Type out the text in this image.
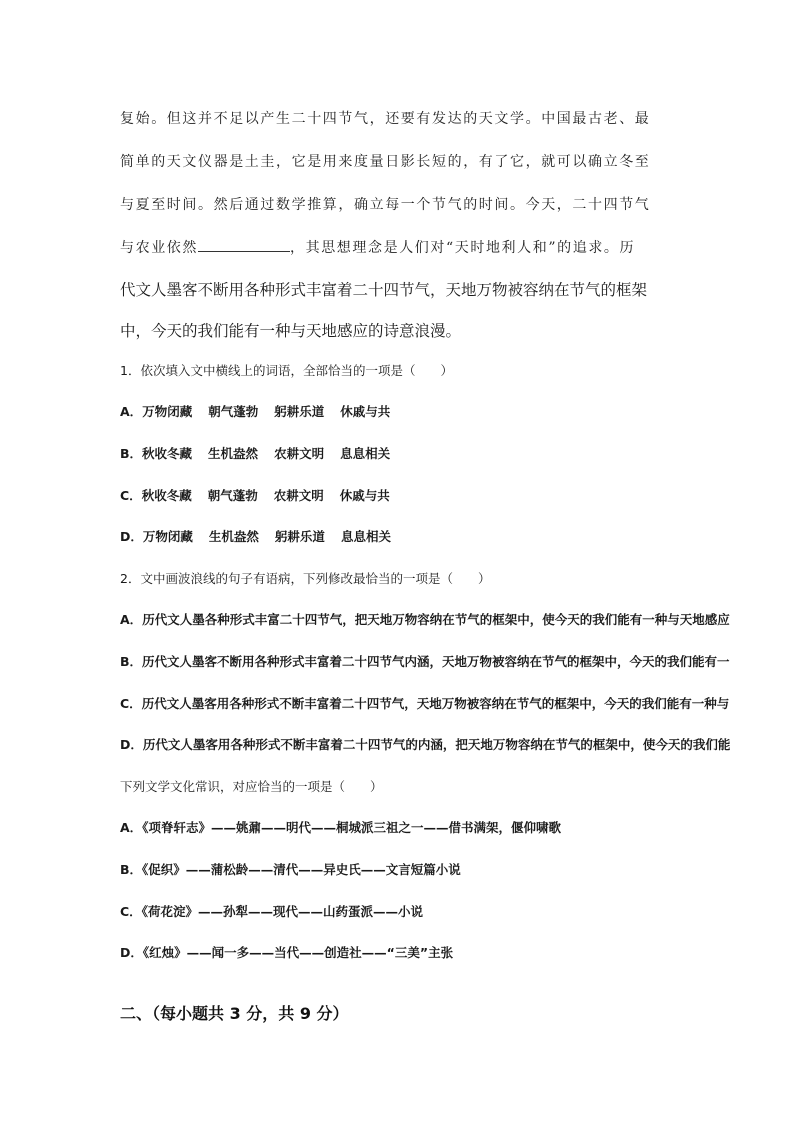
复始。但这并不足以产生二十四节气，还要有发达的天文学。中国最古老、最
简单的天文仪器是土圭，它是用来度量日影长短的，有了它，就可以确立冬至
与夏至时间。然后通过数学推算，确立每一个节气的时间。今天，二十四节气
与农业依然	，其思想理念是人们对“天时地利人和”的追求。历
代文人墨客不断用各种形式丰富着二十四节气，天地万物被容纳在节气的框架
中，今天的我们能有一种与天地感应的诗意浪漫。
1．依次填入文中横线上的词语，全部恰当的一项是（　　）
A．万物闭藏 朝气蓬勃 躬耕乐道 休戚与共
B．秋收冬藏 生机盎然 农耕文明 息息相关
C．秋收冬藏 朝气蓬勃 农耕文明 休戚与共
D．万物闭藏 生机盎然 躬耕乐道 息息相关
2．文中画波浪线的句子有语病，下列修改最恰当的一项是（　　）
A．历代文人墨各种形式丰富二十四节气，把天地万物容纳在节气的框架中，使今天的我们能有一种与天地感应
B．历代文人墨客不断用各种形式丰富着二十四节气内涵，天地万物被容纳在节气的框架中，今天的我们能有一
C．历代文人墨客用各种形式不断丰富着二十四节气，天地万物被容纳在节气的框架中，今天的我们能有一种与
D．历代文人墨客用各种形式不断丰富着二十四节气的内涵，把天地万物容纳在节气的框架中，使今天的我们能
下列文学文化常识，对应恰当的一项是（　　）
A．《项脊轩志》——姚鼐——明代——桐城派三祖之一——借书满架，偃仰啸歌
B．《促织》——蒲松龄——清代——异史氏——文言短篇小说
C．《荷花淀》——孙犁——现代——山药蛋派——小说
D．《红烛》——闻一多——当代——创造社——“三美”主张
二、（每小题共 3 分，共 9 分）
